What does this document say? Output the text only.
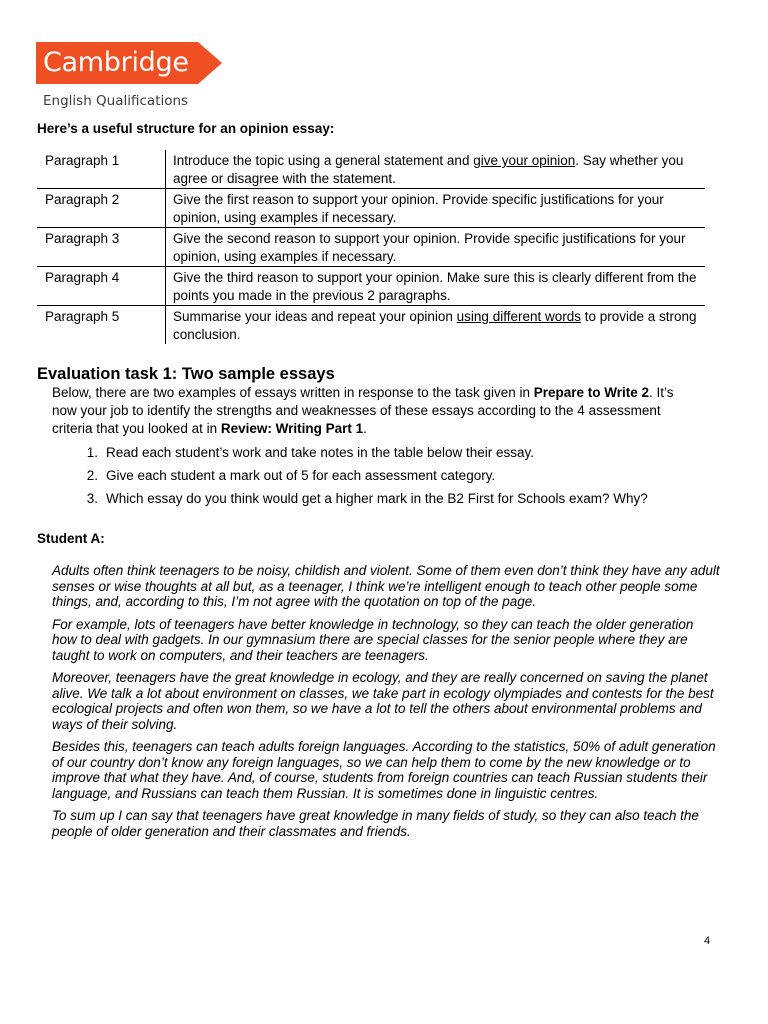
Cambridge
English Qualifications
Here’s a useful structure for an opinion essay:
Paragraph 1	Introduce the topic using a general statement and give your opinion. Say whether you agree or disagree with the statement.
Paragraph 2	Give the first reason to support your opinion. Provide specific justifications for your opinion, using examples if necessary.
Paragraph 3	Give the second reason to support your opinion. Provide specific justifications for your opinion, using examples if necessary.
Paragraph 4	Give the third reason to support your opinion. Make sure this is clearly different from the points you made in the previous 2 paragraphs.
Paragraph 5	Summarise your ideas and repeat your opinion using different words to provide a strong conclusion.
Evaluation task 1: Two sample essays
Below, there are two examples of essays written in response to the task given in Prepare to Write 2. It’s now your job to identify the strengths and weaknesses of these essays according to the 4 assessment criteria that you looked at in Review: Writing Part 1.
1. Read each student’s work and take notes in the table below their essay.
2. Give each student a mark out of 5 for each assessment category.
3. Which essay do you think would get a higher mark in the B2 First for Schools exam? Why?
Student A:

Adults often think teenagers to be noisy, childish and violent. Some of them even don’t think they have any adult senses or wise thoughts at all but, as a teenager, I think we’re intelligent enough to teach other people some things, and, according to this, I’m not agree with the quotation on top of the page.

For example, lots of teenagers have better knowledge in technology, so they can teach the older generation how to deal with gadgets. In our gymnasium there are special classes for the senior people where they are taught to work on computers, and their teachers are teenagers.

Moreover, teenagers have the great knowledge in ecology, and they are really concerned on saving the planet alive. We talk a lot about environment on classes, we take part in ecology olympiades and contests for the best ecological projects and often won them, so we have a lot to tell the others about environmental problems and ways of their solving.

Besides this, teenagers can teach adults foreign languages. According to the statistics, 50% of adult generation of our country don’t know any foreign languages, so we can help them to come by the new knowledge or to improve that what they have. And, of course, students from foreign countries can teach Russian students their language, and Russians can teach them Russian. It is sometimes done in linguistic centres.

To sum up I can say that teenagers have great knowledge in many fields of study, so they can also teach the people of older generation and their classmates and friends.

4
